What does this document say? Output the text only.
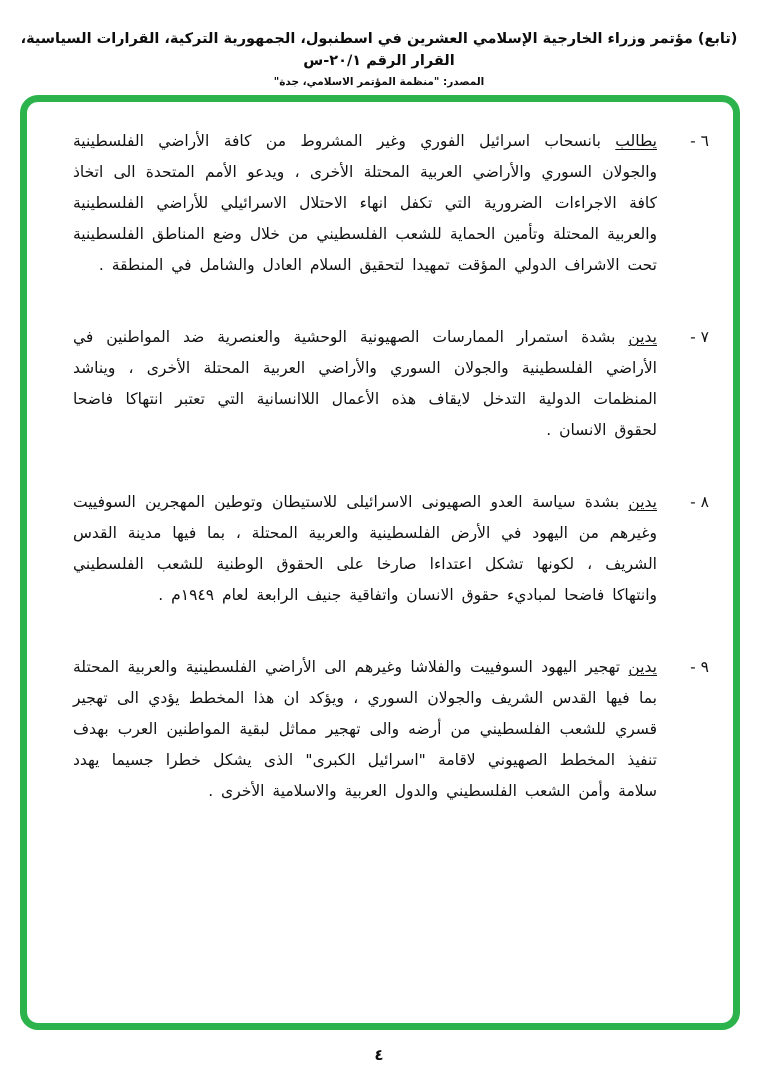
(تابع) مؤتمر وزراء الخارجية الإسلامي العشرين في اسطنبول، الجمهورية التركية، القرارات السياسية، القرار الرقم ٢٠/١-س
المصدر: "منظمة المؤتمر الاسلامي، جدة"
٦ -
يطالب بانسحاب اسرائيل الفوري وغير المشروط من كافة الأراضي الفلسطينية والجولان السوري والأراضي العربية المحتلة الأخرى ، ويدعو الأمم المتحدة الى اتخاذ كافة الاجراءات الضرورية التي تكفل انهاء الاحتلال الاسرائيلي للأراضي الفلسطينية والعربية المحتلة وتأمين الحماية للشعب الفلسطيني من خلال وضع المناطق الفلسطينية تحت الاشراف الدولي المؤقت تمهيدا لتحقيق السلام العادل والشامل في المنطقة .
٧ -
يدين بشدة استمرار الممارسات الصهيونية الوحشية والعنصرية ضد المواطنين في الأراضي الفلسطينية والجولان السوري والأراضي العربية المحتلة الأخرى ، ويناشد المنظمات الدولية التدخل لايقاف هذه الأعمال اللاانسانية التي تعتبر انتهاكا فاضحا لحقوق الانسان .
٨ -
يدين بشدة سياسة العدو الصهيونى الاسرائيلى للاستيطان وتوطين المهجرين السوفييت وغيرهم من اليهود في الأرض الفلسطينية والعربية المحتلة ، بما فيها مدينة القدس الشريف ، لكونها تشكل اعتداءا صارخا على الحقوق الوطنية للشعب الفلسطيني وانتهاكا فاضحا لمباديء حقوق الانسان واتفاقية جنيف الرابعة لعام ١٩٤٩م .
٩ -
يدين تهجير اليهود السوفييت والفلاشا وغيرهم الى الأراضي الفلسطينية والعربية المحتلة بما فيها القدس الشريف والجولان السوري ، ويؤكد ان هذا المخطط يؤدي الى تهجير قسري للشعب الفلسطيني من أرضه والى تهجير مماثل لبقية المواطنين العرب بهدف تنفيذ المخطط الصهيوني لاقامة "اسرائيل الكبرى" الذى يشكل خطرا جسيما يهدد سلامة وأمن الشعب الفلسطيني والدول العربية والاسلامية الأخرى .
٤
